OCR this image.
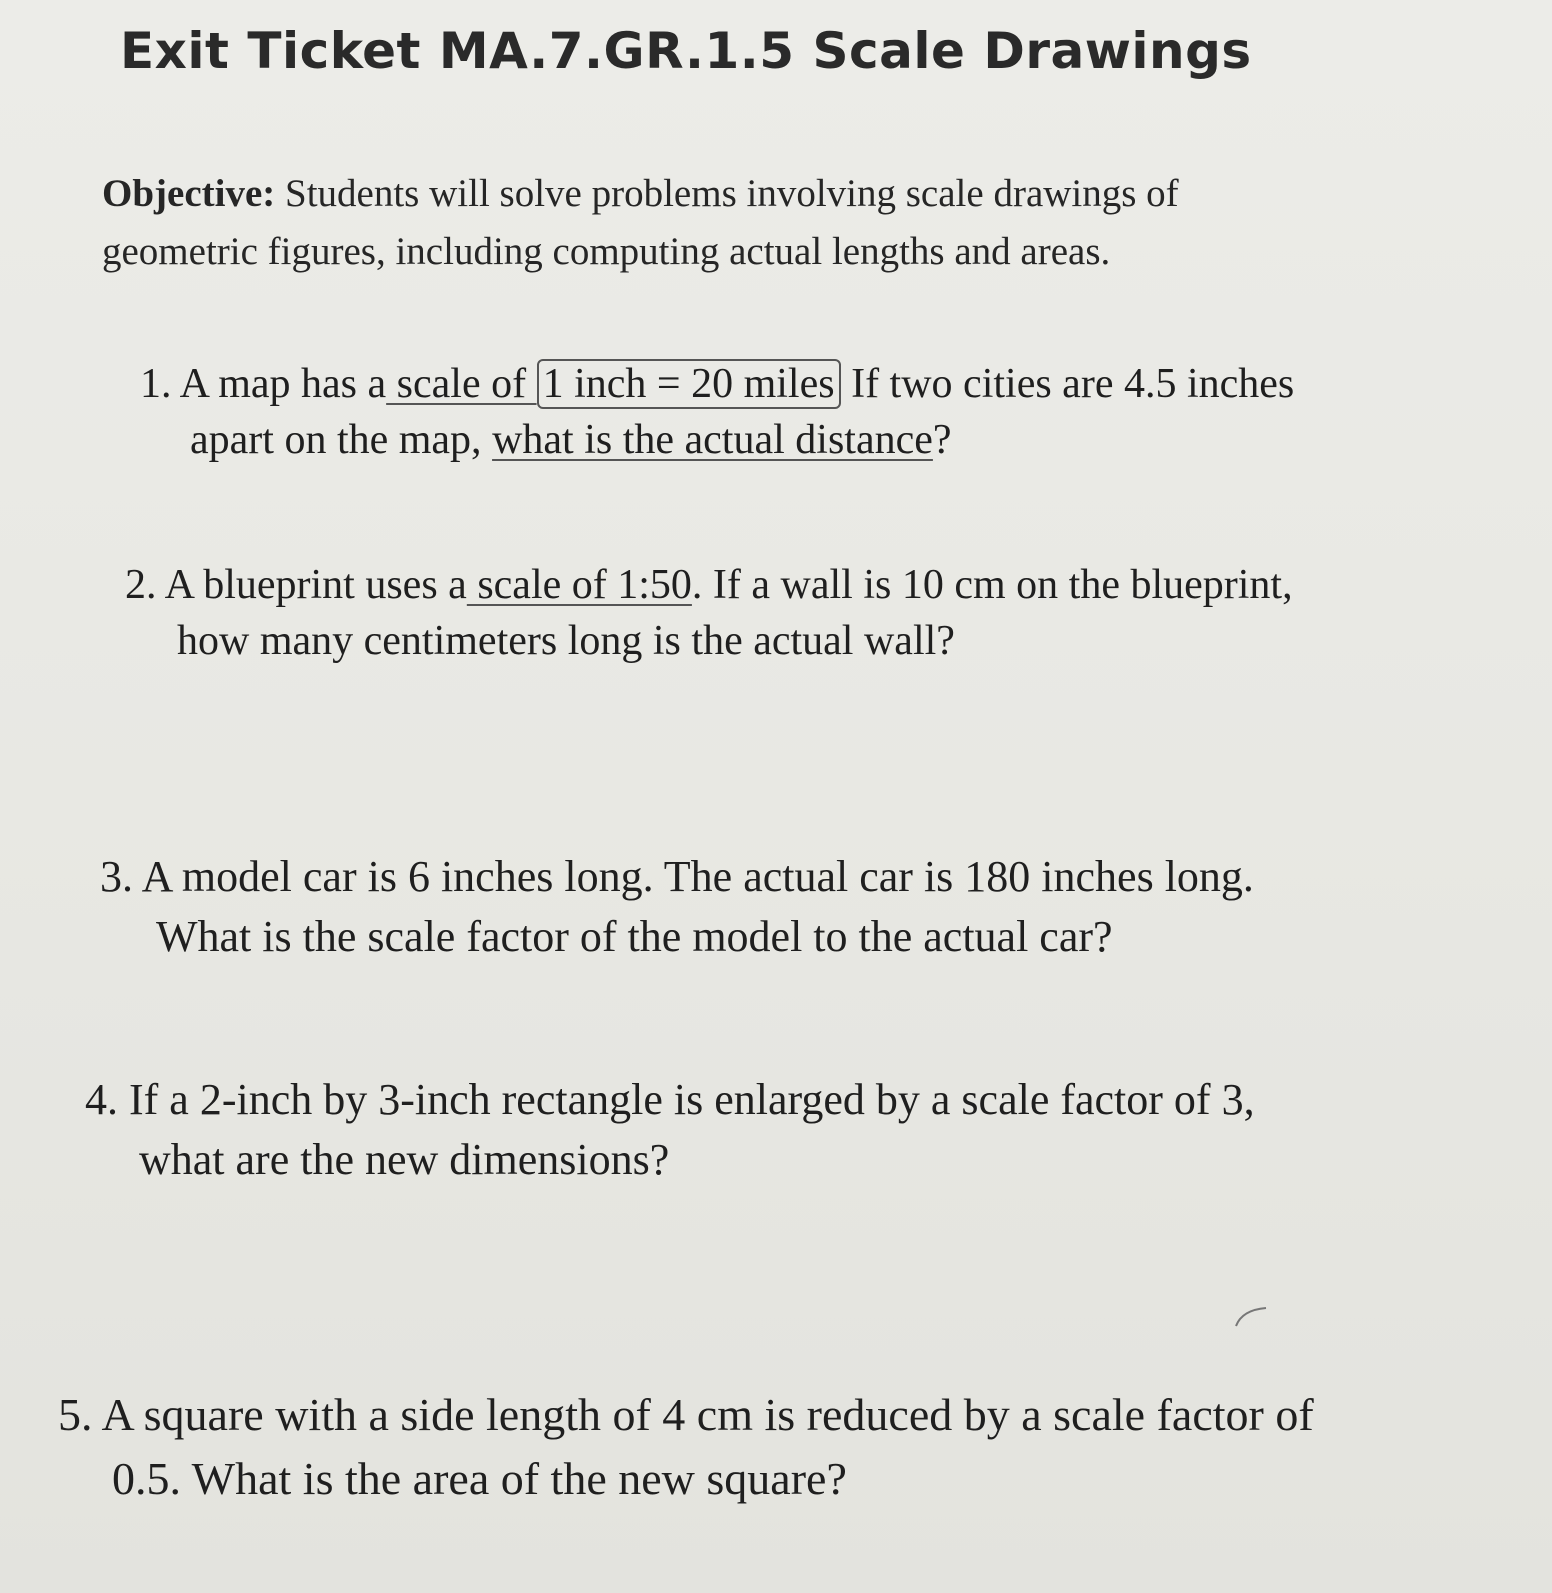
Exit Ticket MA.7.GR.1.5 Scale Drawings
Objective: Students will solve problems involving scale drawings of
geometric figures, including computing actual lengths and areas.
1. A map has a scale of 1 inch = 20 miles If two cities are 4.5 inches
apart on the map, what is the actual distance?
2. A blueprint uses a scale of 1:50. If a wall is 10 cm on the blueprint,
how many centimeters long is the actual wall?
3. A model car is 6 inches long. The actual car is 180 inches long.
What is the scale factor of the model to the actual car?
4. If a 2-inch by 3-inch rectangle is enlarged by a scale factor of 3,
what are the new dimensions?
5. A square with a side length of 4 cm is reduced by a scale factor of
0.5. What is the area of the new square?
